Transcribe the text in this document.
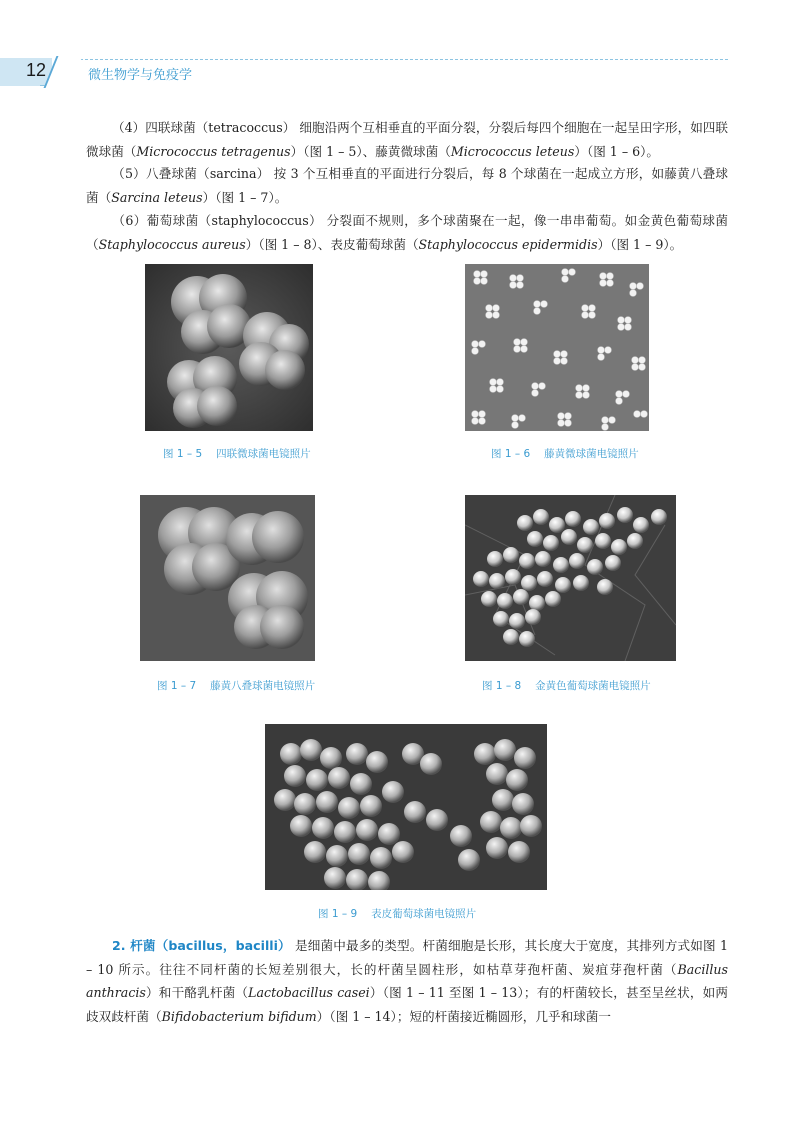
12	微生物学与免疫学
（4）四联球菌（tetracoccus） 细胞沿两个互相垂直的平面分裂，分裂后每四个细胞在一起呈田字形，如四联微球菌（Micrococcus tetragenus）（图 1 – 5）、藤黄微球菌（Micrococcus leteus）（图 1 – 6）。
（5）八叠球菌（sarcina） 按 3 个互相垂直的平面进行分裂后，每 8 个球菌在一起成立方形，如藤黄八叠球菌（Sarcina leteus）（图 1 – 7）。
（6）葡萄球菌（staphylococcus） 分裂面不规则，多个球菌聚在一起，像一串串葡萄。如金黄色葡萄球菌（Staphylococcus aureus）（图 1 – 8）、表皮葡萄球菌（Staphylococcus epidermidis）（图 1 – 9）。
图 1 – 5 四联微球菌电镜照片	图 1 – 6 藤黄微球菌电镜照片
图 1 – 7 藤黄八叠球菌电镜照片	图 1 – 8 金黄色葡萄球菌电镜照片
图 1 – 9 表皮葡萄球菌电镜照片
2. 杆菌（bacillus，bacilli） 是细菌中最多的类型。杆菌细胞是长形，其长度大于宽度，其排列方式如图 1 – 10 所示。往往不同杆菌的长短差别很大，长的杆菌呈圆柱形，如枯草芽孢杆菌、炭疽芽孢杆菌（Bacillus anthracis）和干酪乳杆菌（Lactobacillus casei）（图 1 – 11 至图 1 – 13）；有的杆菌较长，甚至呈丝状，如两歧双歧杆菌（Bifidobacterium bifidum）（图 1 – 14）；短的杆菌接近椭圆形，几乎和球菌一
